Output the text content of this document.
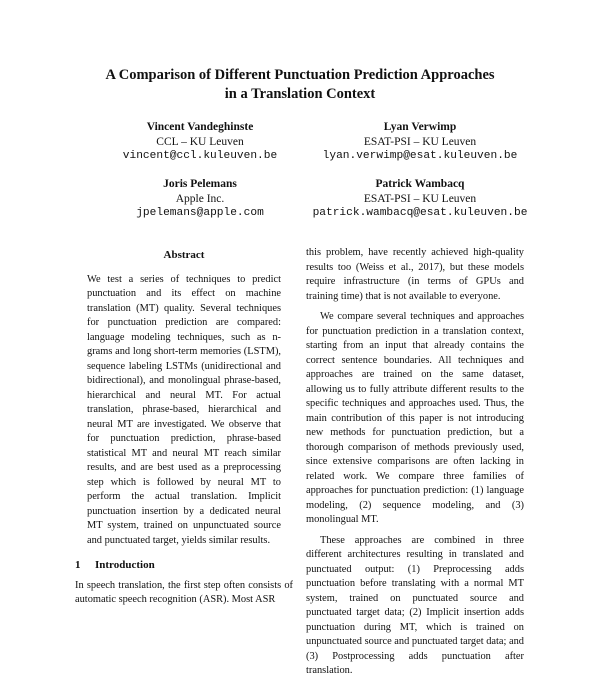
A Comparison of Different Punctuation Prediction Approaches
in a Translation Context
Vincent Vandeghinste
CCL – KU Leuven
vincent@ccl.kuleuven.be
Lyan Verwimp
ESAT-PSI – KU Leuven
lyan.verwimp@esat.kuleuven.be
Joris Pelemans
Apple Inc.
jpelemans@apple.com
Patrick Wambacq
ESAT-PSI – KU Leuven
patrick.wambacq@esat.kuleuven.be
Abstract
We test a series of techniques to predict punctuation and its effect on machine translation (MT) quality. Several techniques for punctuation prediction are compared: language modeling techniques, such as n-grams and long short-term memories (LSTM), sequence labeling LSTMs (unidirectional and bidirectional), and monolingual phrase-based, hierarchical and neural MT. For actual translation, phrase-based, hierarchical and neural MT are investigated. We observe that for punctuation prediction, phrase-based statistical MT and neural MT reach similar results, and are best used as a preprocessing step which is followed by neural MT to perform the actual translation. Implicit punctuation insertion by a dedicated neural MT system, trained on unpunctuated source and punctuated target, yields similar results.
1 Introduction

In speech translation, the first step often consists of automatic speech recognition (ASR). Most ASR

this problem, have recently achieved high-quality results too (Weiss et al., 2017), but these models require infrastructure (in terms of GPUs and training time) that is not available to everyone.

We compare several techniques and approaches for punctuation prediction in a translation context, starting from an input that already contains the correct sentence boundaries. All techniques and approaches are trained on the same dataset, allowing us to fully attribute different results to the specific techniques and approaches used. Thus, the main contribution of this paper is not introducing new methods for punctuation prediction, but a thorough comparison of methods previously used, since extensive comparisons are often lacking in related work. We compare three families of approaches for punctuation prediction: (1) language modeling, (2) sequence modeling, and (3) monolingual MT.

These approaches are combined in three different architectures resulting in translated and punctuated output: (1) Preprocessing adds punctuation before translating with a normal MT system, trained on punctuated source and punctuated target data; (2) Implicit insertion adds punctuation during MT, which is trained on unpunctuated source and punctuated target data; and (3) Postprocessing adds punctuation after translation.
